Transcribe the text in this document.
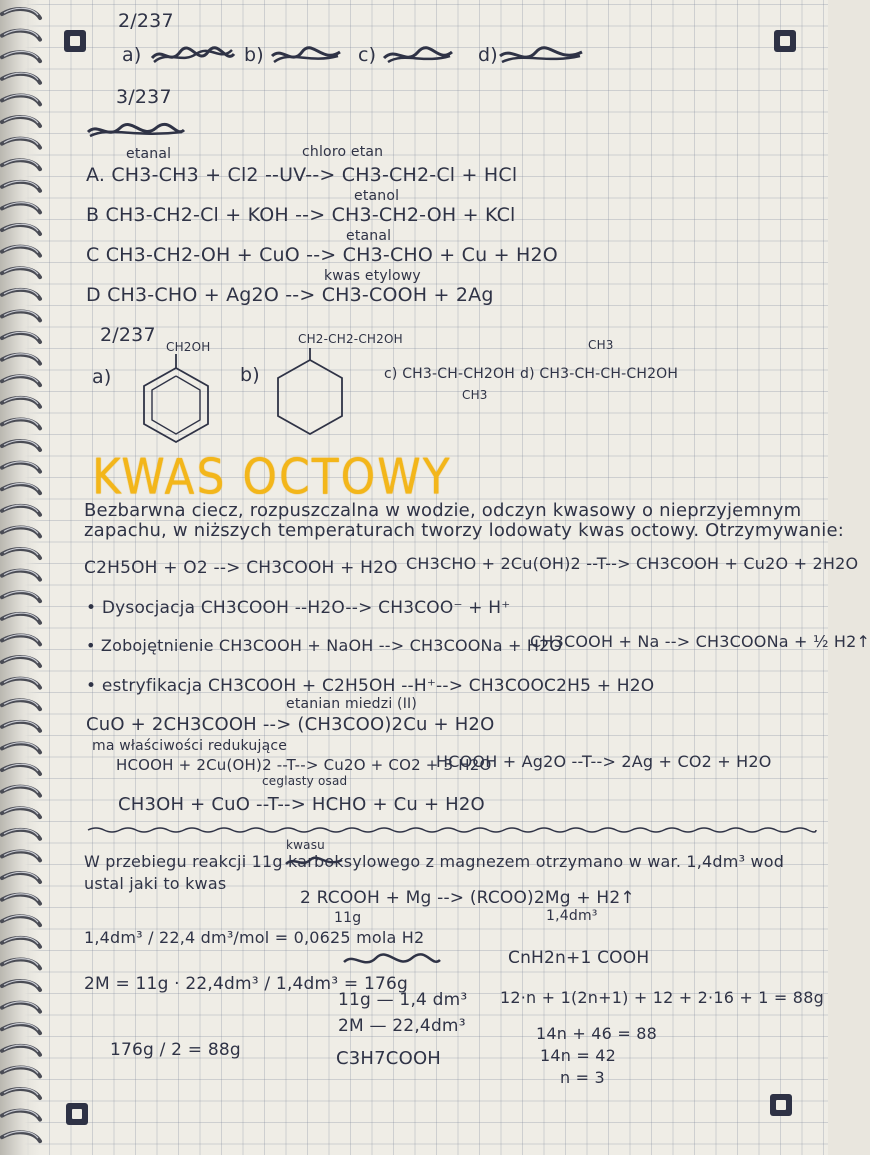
2/237
a)	b)	c)	d)
3/237
etanal	chloro etan
A. CH3-CH3 + Cl2 --UV--> CH3-CH2-Cl + HCl
etanol
B CH3-CH2-Cl + KOH --> CH3-CH2-OH + KCl
etanal
C CH3-CH2-OH + CuO --> CH3-CHO + Cu + H2O
kwas etylowy
D CH3-CHO + Ag2O --> CH3-COOH + 2Ag
2/237
CH2OH
a)
CH2-CH2-CH2OH
b)	c) CH3-CH-CH2OH
CH3
d) CH3-CH-CH-CH2OH
CH3
KWAS OCTOWY
Bezbarwna ciecz, rozpuszczalna w wodzie, odczyn kwasowy o nieprzyjemnym
zapachu, w niższych temperaturach tworzy lodowaty kwas octowy. Otrzymywanie:
C2H5OH + O2 --> CH3COOH + H2O CH3CHO + 2Cu(OH)2 --T--> CH3COOH + Cu2O + 2H2O
• Dysocjacja CH3COOH --H2O--> CH3COO⁻ + H⁺
• Zobojętnienie CH3COOH + NaOH --> CH3COONa + H2O
CH3COOH + Na --> CH3COONa + ½ H2↑
• estryfikacja CH3COOH + C2H5OH --H⁺--> CH3COOC2H5 + H2O
etanian miedzi (II)
CuO + 2CH3COOH --> (CH3COO)2Cu + H2O
ma właściwości redukujące
HCOOH + 2Cu(OH)2 --T--> Cu2O + CO2 + 3 H2O
ceglasty osad
HCOOH + Ag2O --T--> 2Ag + CO2 + H2O
CH3OH + CuO --T--> HCHO + Cu + H2O
kwasu
W przebiegu reakcji 11g karboksylowego z magnezem otrzymano w war. 1,4dm³ wod
ustal jaki to kwas
2 RCOOH + Mg --> (RCOO)2Mg + H2↑
11g	1,4dm³
1,4dm³ / 22,4 dm³/mol = 0,0625 mola H2
CnH2n+1 COOH
2M = 11g · 22,4dm³ / 1,4dm³ = 176g
11g — 1,4 dm³ 12·n + 1(2n+1) + 12 + 2·16 + 1 = 88g
2M — 22,4dm³	14n + 46 = 88
176g / 2 = 88g	C3H7COOH	14n = 42
n = 3
